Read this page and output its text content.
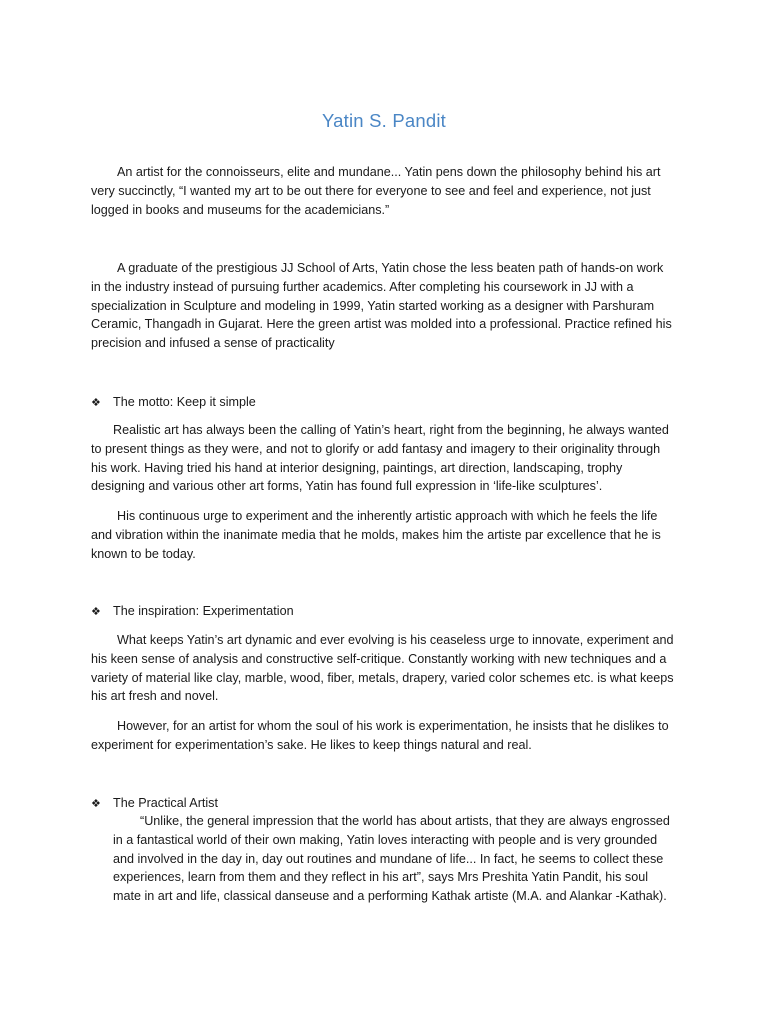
Yatin S. Pandit

An artist for the connoisseurs, elite and mundane... Yatin pens down the philosophy behind his art very succinctly, “I wanted my art to be out there for everyone to see and feel and experience, not just logged in books and museums for the academicians.”

A graduate of the prestigious JJ School of Arts, Yatin chose the less beaten path of hands-on work in the industry instead of pursuing further academics. After completing his coursework in JJ with a specialization in Sculpture and modeling in 1999, Yatin started working as a designer with Parshuram Ceramic, Thangadh in Gujarat. Here the green artist was molded into a professional. Practice refined his precision and infused a sense of practicality

❖ The motto: Keep it simple

Realistic art has always been the calling of Yatin’s heart, right from the beginning, he always wanted to present things as they were, and not to glorify or add fantasy and imagery to their originality through his work. Having tried his hand at interior designing, paintings, art direction, landscaping, trophy designing and various other art forms, Yatin has found full expression in ‘life-like sculptures’.

His continuous urge to experiment and the inherently artistic approach with which he feels the life and vibration within the inanimate media that he molds, makes him the artiste par excellence that he is known to be today.

❖ The inspiration: Experimentation

What keeps Yatin’s art dynamic and ever evolving is his ceaseless urge to innovate, experiment and his keen sense of analysis and constructive self-critique. Constantly working with new techniques and a variety of material like clay, marble, wood, fiber, metals, drapery, varied color schemes etc. is what keeps his art fresh and novel.

However, for an artist for whom the soul of his work is experimentation, he insists that he dislikes to experiment for experimentation’s sake. He likes to keep things natural and real.

❖ The Practical Artist

“Unlike, the general impression that the world has about artists, that they are always engrossed in a fantastical world of their own making, Yatin loves interacting with people and is very grounded and involved in the day in, day out routines and mundane of life... In fact, he seems to collect these experiences, learn from them and they reflect in his art”, says Mrs Preshita Yatin Pandit, his soul mate in art and life, classical danseuse and a performing Kathak artiste (M.A. and Alankar -Kathak).
